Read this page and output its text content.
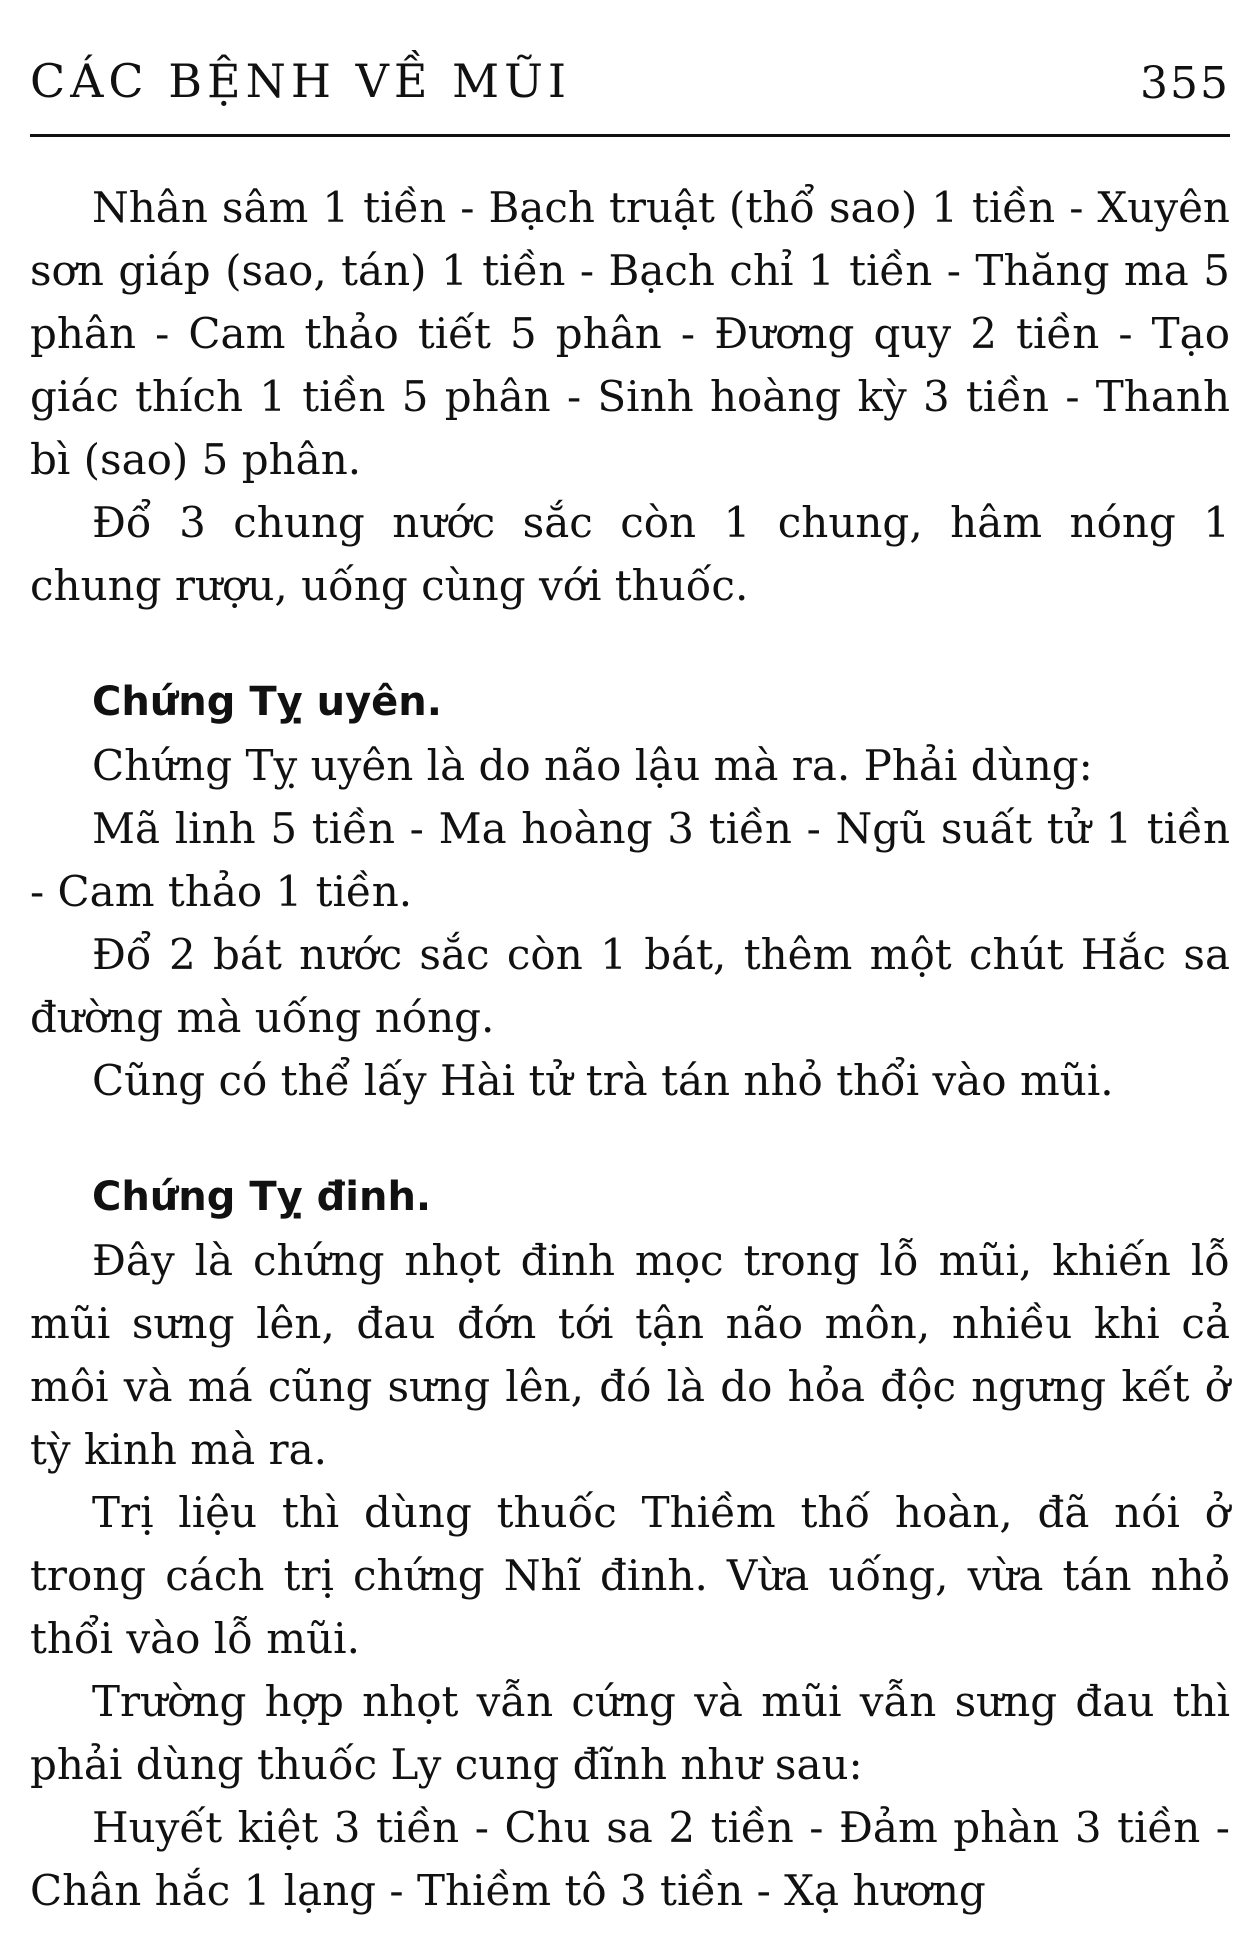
CÁC BỆNH VỀ MŨI	355

Nhân sâm 1 tiền - Bạch truật (thổ sao) 1 tiền - Xuyên sơn giáp (sao, tán) 1 tiền - Bạch chỉ 1 tiền - Thăng ma 5 phân - Cam thảo tiết 5 phân - Đương quy 2 tiền - Tạo giác thích 1 tiền 5 phân - Sinh hoàng kỳ 3 tiền - Thanh bì (sao) 5 phân.

Đổ 3 chung nước sắc còn 1 chung, hâm nóng 1 chung rượu, uống cùng với thuốc.

Chứng Tỵ uyên.

Chứng Tỵ uyên là do não lậu mà ra. Phải dùng:

Mã linh 5 tiền - Ma hoàng 3 tiền - Ngũ suất tử 1 tiền - Cam thảo 1 tiền.

Đổ 2 bát nước sắc còn 1 bát, thêm một chút Hắc sa đường mà uống nóng.

Cũng có thể lấy Hài tử trà tán nhỏ thổi vào mũi.

Chứng Tỵ đinh.

Đây là chứng nhọt đinh mọc trong lỗ mũi, khiến lỗ mũi sưng lên, đau đớn tới tận não môn, nhiều khi cả môi và má cũng sưng lên, đó là do hỏa độc ngưng kết ở tỳ kinh mà ra.

Trị liệu thì dùng thuốc Thiềm thố hoàn, đã nói ở trong cách trị chứng Nhĩ đinh. Vừa uống, vừa tán nhỏ thổi vào lỗ mũi.

Trường hợp nhọt vẫn cứng và mũi vẫn sưng đau thì phải dùng thuốc Ly cung đĩnh như sau:

Huyết kiệt 3 tiền - Chu sa 2 tiền - Đảm phàn 3 tiền - Chân hắc 1 lạng - Thiềm tô 3 tiền - Xạ hương
